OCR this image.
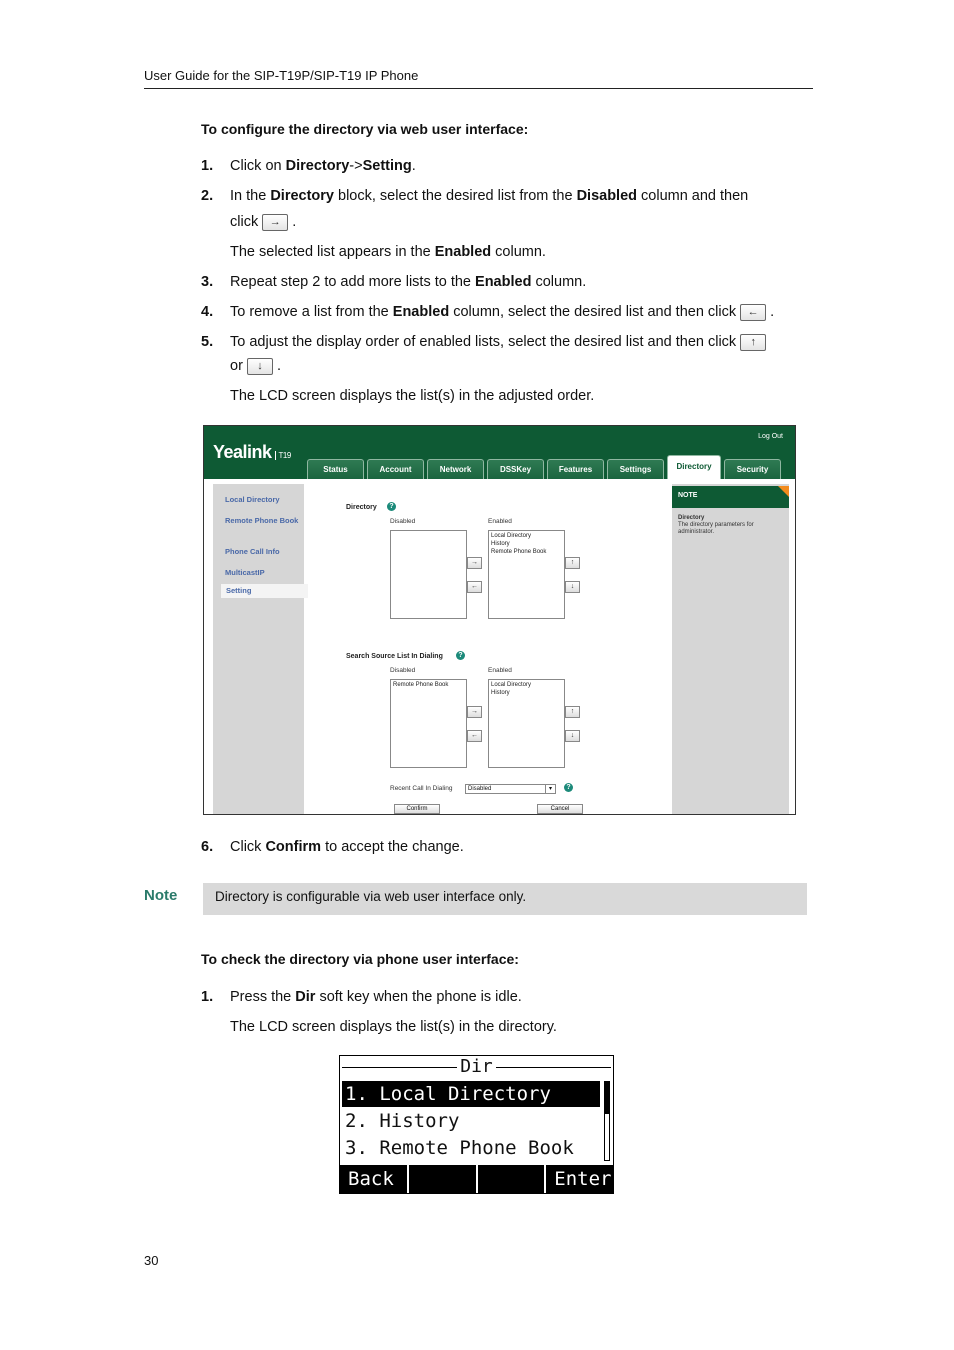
User Guide for the SIP-T19P/SIP-T19 IP Phone
To configure the directory via web user interface:
1. Click on Directory->Setting.
2. In the Directory block, select the desired list from the Disabled column and then
click → .
The selected list appears in the Enabled column.
3. Repeat step 2 to add more lists to the Enabled column.
4. To remove a list from the Enabled column, select the desired list and then click ← .
5. To adjust the display order of enabled lists, select the desired list and then click ↑
or ↓ .
The LCD screen displays the list(s) in the adjusted order.
Yealink T19
Log Out
Status	Account	Network	DSSKey	Features	Settings	Directory	Security
Local Directory
Remote Phone Book
Phone Call Info
MulticastIP
Setting
Directory	?
Disabled	Enabled
Local Directory
History
Remote Phone Book
→
←
↑
↓
Search Source List In Dialing	?
Disabled	Enabled
Remote Phone Book	Local Directory
History
→
←
↑
↓
Recent Call In Dialing	Disabled ▾	?
Confirm	Cancel
NOTE
Directory
The directory parameters for administrator.
6. Click Confirm to accept the change.
Note	Directory is configurable via web user interface only.
To check the directory via phone user interface:
1. Press the Dir soft key when the phone is idle.
The LCD screen displays the list(s) in the directory.
Dir
1. Local Directory
2. History
3. Remote Phone Book
Back	Enter
30
